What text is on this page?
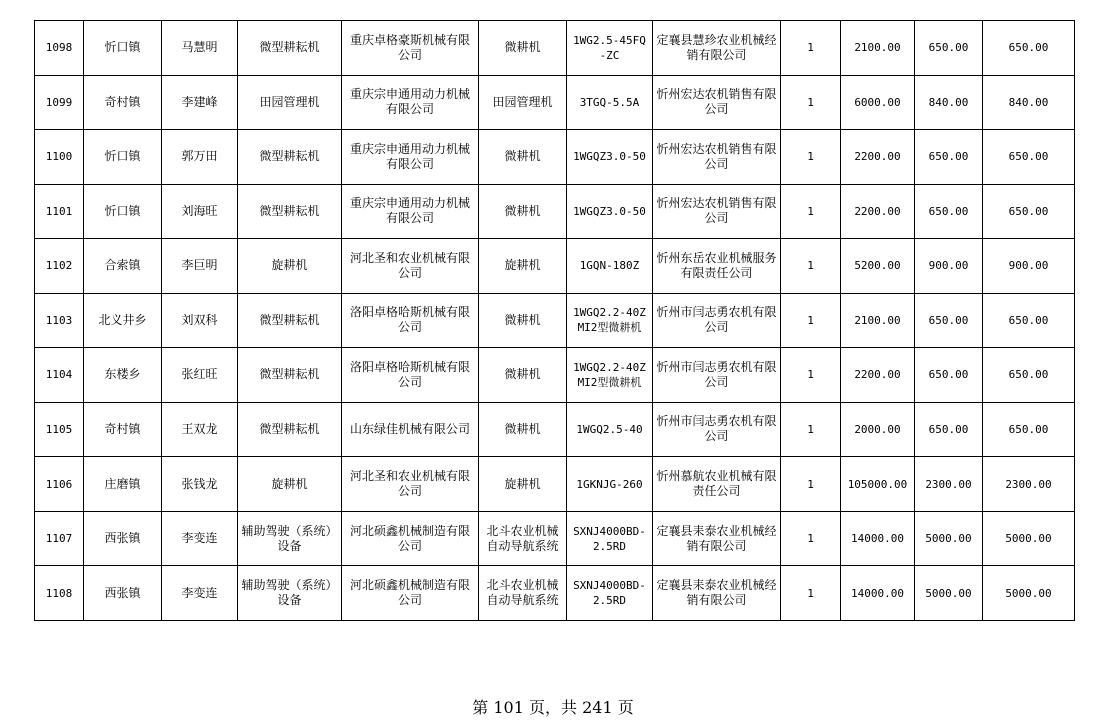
1098	忻口镇	马慧明	微型耕耘机	重庆卓格豪斯机械有限公司	微耕机	1WG2.5-45FQ-ZC	定襄县慧珍农业机械经销有限公司	1	2100.00	650.00	650.00
1099	奇村镇	李建峰	田园管理机	重庆宗申通用动力机械有限公司	田园管理机	3TGQ-5.5A	忻州宏达农机销售有限公司	1	6000.00	840.00	840.00
1100	忻口镇	郭万田	微型耕耘机	重庆宗申通用动力机械有限公司	微耕机	1WGQZ3.0-50	忻州宏达农机销售有限公司	1	2200.00	650.00	650.00
1101	忻口镇	刘海旺	微型耕耘机	重庆宗申通用动力机械有限公司	微耕机	1WGQZ3.0-50	忻州宏达农机销售有限公司	1	2200.00	650.00	650.00
1102	合索镇	李巨明	旋耕机	河北圣和农业机械有限公司	旋耕机	1GQN-180Z	忻州东岳农业机械服务有限责任公司	1	5200.00	900.00	900.00
1103	北义井乡	刘双科	微型耕耘机	洛阳卓格哈斯机械有限公司	微耕机	1WGQ2.2-40ZMI2型微耕机	忻州市闫志勇农机有限公司	1	2100.00	650.00	650.00
1104	东楼乡	张红旺	微型耕耘机	洛阳卓格哈斯机械有限公司	微耕机	1WGQ2.2-40ZMI2型微耕机	忻州市闫志勇农机有限公司	1	2200.00	650.00	650.00
1105	奇村镇	王双龙	微型耕耘机	山东绿佳机械有限公司	微耕机	1WGQ2.5-40	忻州市闫志勇农机有限公司	1	2000.00	650.00	650.00
1106	庄磨镇	张钱龙	旋耕机	河北圣和农业机械有限公司	旋耕机	1GKNJG-260	忻州慕航农业机械有限责任公司	1	105000.00	2300.00	2300.00
1107	西张镇	李变连	辅助驾驶（系统）设备	河北硕鑫机械制造有限公司	北斗农业机械自动导航系统	SXNJ4000BD-2.5RD	定襄县耒泰农业机械经销有限公司	1	14000.00	5000.00	5000.00
1108	西张镇	李变连	辅助驾驶（系统）设备	河北硕鑫机械制造有限公司	北斗农业机械自动导航系统	SXNJ4000BD-2.5RD	定襄县耒泰农业机械经销有限公司	1	14000.00	5000.00	5000.00
第 101 页，共 241 页
